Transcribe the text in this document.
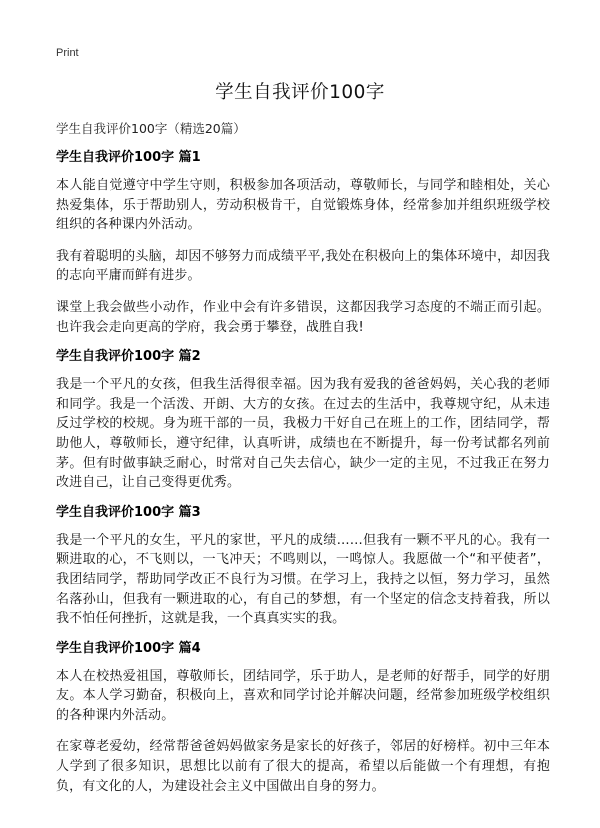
Print
学生自我评价100字
学生自我评价100字（精选20篇）
学生自我评价100字 篇1

本人能自觉遵守中学生守则，积极参加各项活动，尊敬师长，与同学和睦相处，关心热爱集体，乐于帮助别人，劳动积极肯干，自觉锻炼身体，经常参加并组织班级学校组织的各种课内外活动。

我有着聪明的头脑，却因不够努力而成绩平平,我处在积极向上的集体环境中，却因我的志向平庸而鲜有进步。

课堂上我会做些小动作，作业中会有许多错误，这都因我学习态度的不端正而引起。也许我会走向更高的学府，我会勇于攀登，战胜自我!

学生自我评价100字 篇2

我是一个平凡的女孩，但我生活得很幸福。因为我有爱我的爸爸妈妈，关心我的老师和同学。我是一个活泼、开朗、大方的女孩。在过去的生活中，我尊规守纪，从未违反过学校的校规。身为班干部的一员，我极力干好自己在班上的工作，团结同学，帮助他人，尊敬师长，遵守纪律，认真听讲，成绩也在不断提升，每一份考试都名列前茅。但有时做事缺乏耐心，时常对自己失去信心，缺少一定的主见，不过我正在努力改进自己，让自己变得更优秀。

学生自我评价100字 篇3

我是一个平凡的女生，平凡的家世，平凡的成绩……但我有一颗不平凡的心。我有一颗进取的心，不飞则以，一飞冲天；不鸣则以，一鸣惊人。我愿做一个“和平使者”，我团结同学，帮助同学改正不良行为习惯。在学习上，我持之以恒，努力学习，虽然名落孙山，但我有一颗进取的心，有自己的梦想，有一个坚定的信念支持着我，所以我不怕任何挫折，这就是我，一个真真实实的我。

学生自我评价100字 篇4

本人在校热爱祖国，尊敬师长，团结同学，乐于助人，是老师的好帮手，同学的好朋友。本人学习勤奋，积极向上，喜欢和同学讨论并解决问题，经常参加班级学校组织的各种课内外活动。

在家尊老爱幼，经常帮爸爸妈妈做家务是家长的好孩子，邻居的好榜样。初中三年本人学到了很多知识，思想比以前有了很大的提高，希望以后能做一个有理想，有抱负，有文化的人，为建设社会主义中国做出自身的努力。
